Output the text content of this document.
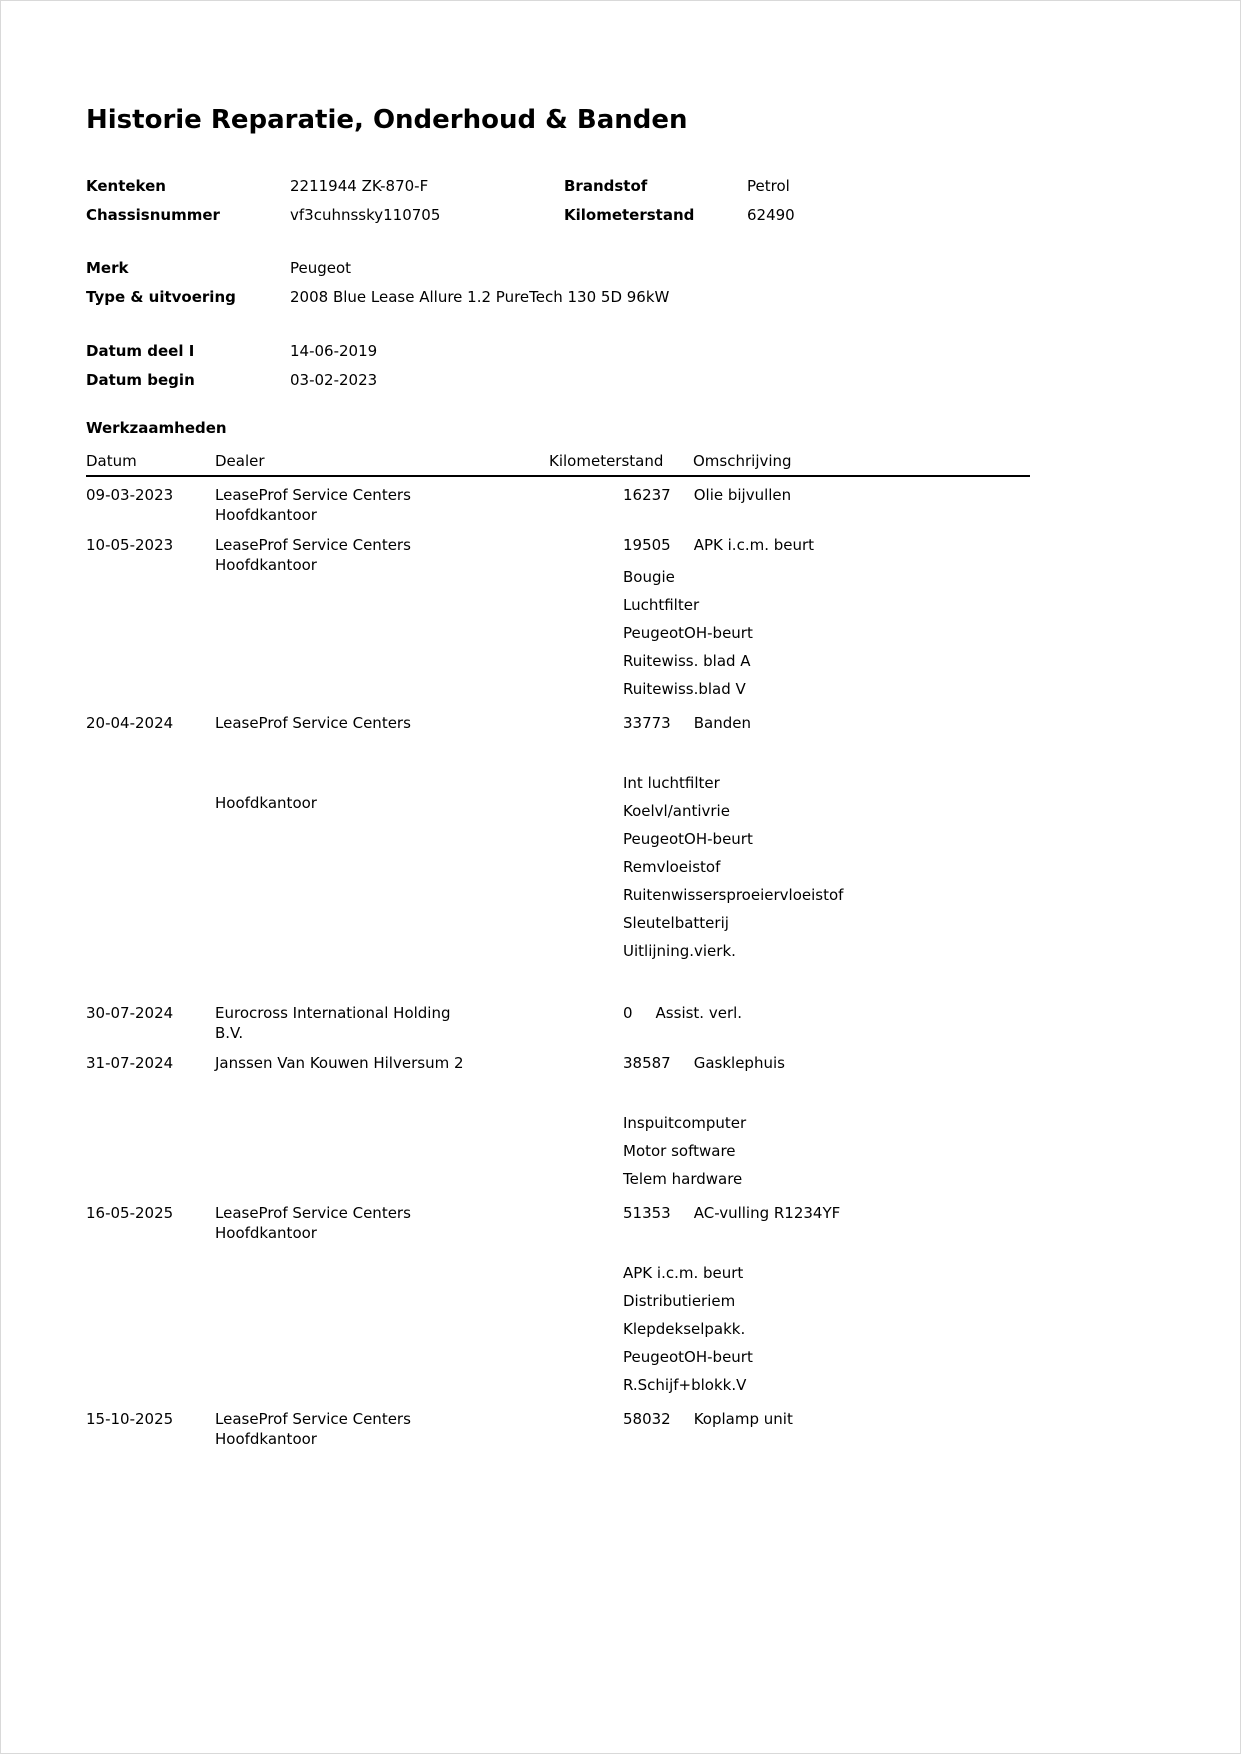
Historie Reparatie, Onderhoud & Banden
Kenteken	2211944 ZK-870-F	Brandstof	Petrol
Chassisnummer	vf3cuhnssky110705	Kilometerstand	62490
Merk	Peugeot
Type & uitvoering	2008 Blue Lease Allure 1.2 PureTech 130 5D 96kW
Datum deel I	14-06-2019
Datum begin	03-02-2023
Werkzaamheden
Datum	Dealer	Kilometerstand	Omschrijving
09-03-2023	LeaseProf Service Centers
Hoofdkantoor
16237 Olie bijvullen
10-05-2023	LeaseProf Service Centers
Hoofdkantoor
19505 APK i.c.m. beurt
Bougie
Luchtfilter
PeugeotOH-beurt
Ruitewiss. blad A
Ruitewiss.blad V
20-04-2024	LeaseProf Service Centers

Hoofdkantoor
33773 Banden

Int luchtfilter
Koelvl/antivrie
PeugeotOH-beurt
Remvloeistof
Ruitenwissersproeiervloeistof
Sleutelbatterij
Uitlijning.vierk.

30-07-2024	Eurocross International Holding
B.V.
0 Assist. verl.
31-07-2024	Janssen Van Kouwen Hilversum 2	38587 Gasklephuis

Inspuitcomputer
Motor software
Telem hardware
16-05-2025	LeaseProf Service Centers
Hoofdkantoor
51353 AC-vulling R1234YF

APK i.c.m. beurt
Distributieriem
Klepdekselpakk.
PeugeotOH-beurt
R.Schijf+blokk.V
15-10-2025	LeaseProf Service Centers
Hoofdkantoor
58032 Koplamp unit
